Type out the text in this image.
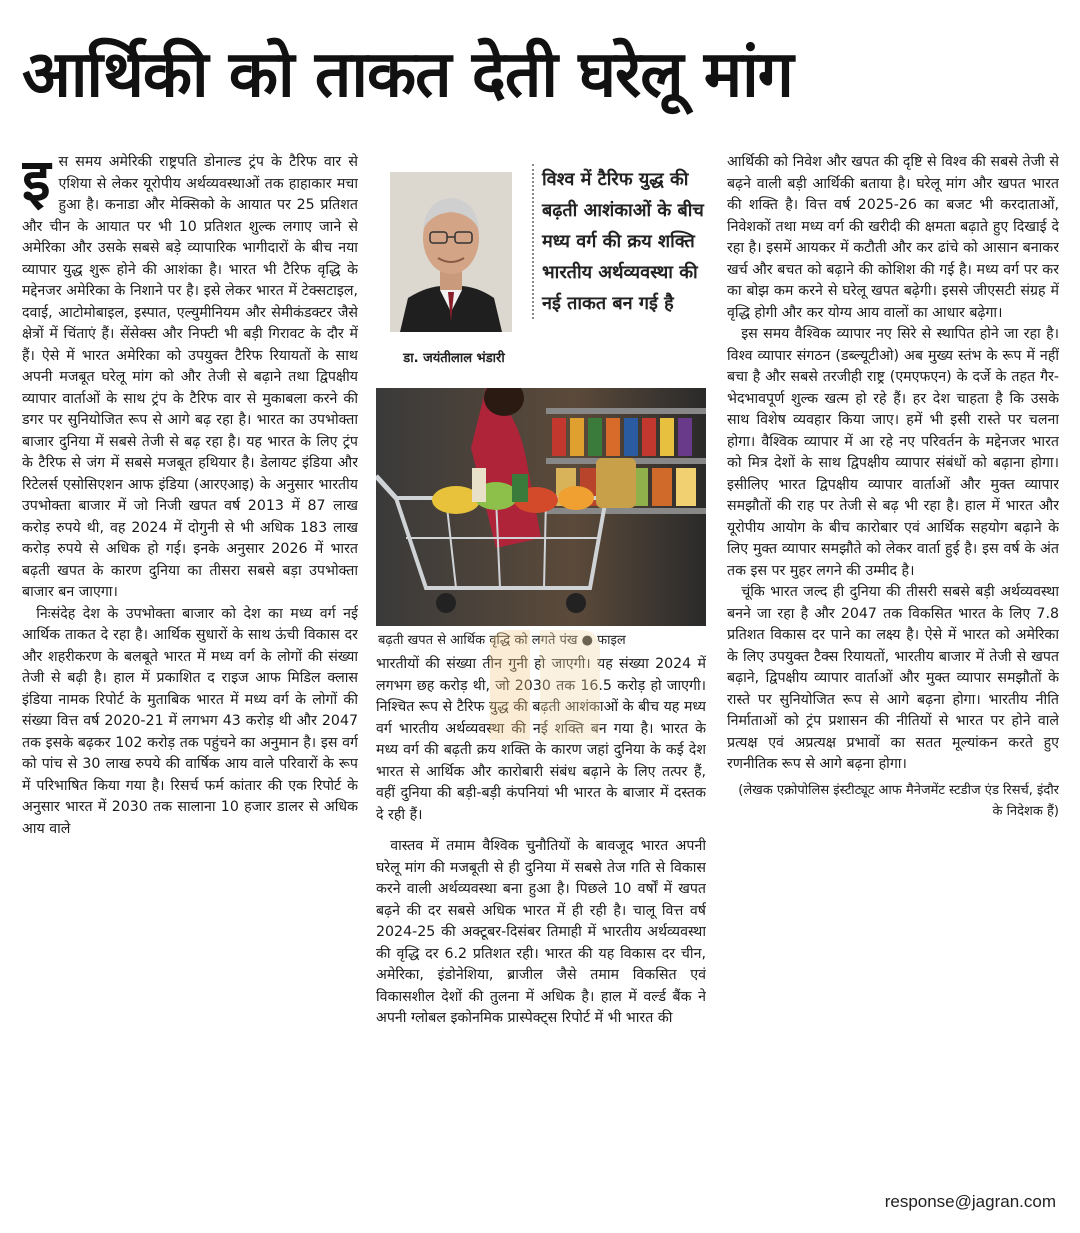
आर्थिकी को ताकत देती घरेलू मांग

इस समय अमेरिकी राष्ट्रपति डोनाल्ड ट्रंप के टैरिफ वार से एशिया से लेकर यूरोपीय अर्थव्यवस्थाओं तक हाहाकार मचा हुआ है। कनाडा और मेक्सिको के आयात पर 25 प्रतिशत और चीन के आयात पर भी 10 प्रतिशत शुल्क लगाए जाने से अमेरिका और उसके सबसे बड़े व्यापारिक भागीदारों के बीच नया व्यापार युद्ध शुरू होने की आशंका है। भारत भी टैरिफ वृद्धि के मद्देनजर अमेरिका के निशाने पर है। इसे लेकर भारत में टेक्सटाइल, दवाई, आटोमोबाइल, इस्पात, एल्युमीनियम और सेमीकंडक्टर जैसे क्षेत्रों में चिंताएं हैं। सेंसेक्स और निफ्टी भी बड़ी गिरावट के दौर में हैं। ऐसे में भारत अमेरिका को उपयुक्त टैरिफ रियायतों के साथ अपनी मजबूत घरेलू मांग को और तेजी से बढ़ाने तथा द्विपक्षीय व्यापार वार्ताओं के साथ ट्रंप के टैरिफ वार से मुकाबला करने की डगर पर सुनियोजित रूप से आगे बढ़ रहा है। भारत का उपभोक्ता बाजार दुनिया में सबसे तेजी से बढ़ रहा है। यह भारत के लिए ट्रंप के टैरिफ से जंग में सबसे मजबूत हथियार है। डेलायट इंडिया और रिटेलर्स एसोसिएशन आफ इंडिया (आरएआइ) के अनुसार भारतीय उपभोक्ता बाजार में जो निजी खपत वर्ष 2013 में 87 लाख करोड़ रुपये थी, वह 2024 में दोगुनी से भी अधिक 183 लाख करोड़ रुपये से अधिक हो गई। इनके अनुसार 2026 में भारत बढ़ती खपत के कारण दुनिया का तीसरा सबसे बड़ा उपभोक्ता बाजार बन जाएगा।

निःसंदेह देश के उपभोक्ता बाजार को देश का मध्य वर्ग नई आर्थिक ताकत दे रहा है। आर्थिक सुधारों के साथ ऊंची विकास दर और शहरीकरण के बलबूते भारत में मध्य वर्ग के लोगों की संख्या तेजी से बढ़ी है। हाल में प्रकाशित द राइज आफ मिडिल क्लास इंडिया नामक रिपोर्ट के मुताबिक भारत में मध्य वर्ग के लोगों की संख्या वित्त वर्ष 2020-21 में लगभग 43 करोड़ थी और 2047 तक इसके बढ़कर 102 करोड़ तक पहुंचने का अनुमान है। इस वर्ग को पांच से 30 लाख रुपये की वार्षिक आय वाले परिवारों के रूप में परिभाषित किया गया है। रिसर्च फर्म कांतार की एक रिपोर्ट के अनुसार भारत में 2030 तक सालाना 10 हजार डालर से अधिक आय वाले

डा. जयंतीलाल भंडारी
विश्व में टैरिफ युद्ध की बढ़ती आशंकाओं के बीच मध्य वर्ग की क्रय शक्ति भारतीय अर्थव्यवस्था की नई ताकत बन गई है
बढ़ती खपत से आर्थिक वृद्धि को लगते पंख ● फाइल

भारतीयों की संख्या तीन गुनी हो जाएगी। यह संख्या 2024 में लगभग छह करोड़ थी, जो 2030 तक 16.5 करोड़ हो जाएगी। निश्चित रूप से टैरिफ युद्ध की बढ़ती आशंकाओं के बीच यह मध्य वर्ग भारतीय अर्थव्यवस्था की नई शक्ति बन गया है। भारत के मध्य वर्ग की बढ़ती क्रय शक्ति के कारण जहां दुनिया के कई देश भारत से आर्थिक और कारोबारी संबंध बढ़ाने के लिए तत्पर हैं, वहीं दुनिया की बड़ी-बड़ी कंपनियां भी भारत के बाजार में दस्तक दे रही हैं।

वास्तव में तमाम वैश्विक चुनौतियों के बावजूद भारत अपनी घरेलू मांग की मजबूती से ही दुनिया में सबसे तेज गति से विकास करने वाली अर्थव्यवस्था बना हुआ है। पिछले 10 वर्षों में खपत बढ़ने की दर सबसे अधिक भारत में ही रही है। चालू वित्त वर्ष 2024-25 की अक्टूबर-दिसंबर तिमाही में भारतीय अर्थव्यवस्था की वृद्धि दर 6.2 प्रतिशत रही। भारत की यह विकास दर चीन, अमेरिका, इंडोनेशिया, ब्राजील जैसे तमाम विकसित एवं विकासशील देशों की तुलना में अधिक है। हाल में वर्ल्ड बैंक ने अपनी ग्लोबल इकोनमिक प्रास्पेक्ट्स रिपोर्ट में भी भारत की

आर्थिकी को निवेश और खपत की दृष्टि से विश्व की सबसे तेजी से बढ़ने वाली बड़ी आर्थिकी बताया है। घरेलू मांग और खपत भारत की शक्ति है। वित्त वर्ष 2025-26 का बजट भी करदाताओं, निवेशकों तथा मध्य वर्ग की खरीदी की क्षमता बढ़ाते हुए दिखाई दे रहा है। इसमें आयकर में कटौती और कर ढांचे को आसान बनाकर खर्च और बचत को बढ़ाने की कोशिश की गई है। मध्य वर्ग पर कर का बोझ कम करने से घरेलू खपत बढ़ेगी। इससे जीएसटी संग्रह में वृद्धि होगी और कर योग्य आय वालों का आधार बढ़ेगा।

इस समय वैश्विक व्यापार नए सिरे से स्थापित होने जा रहा है। विश्व व्यापार संगठन (डब्ल्यूटीओ) अब मुख्य स्तंभ के रूप में नहीं बचा है और सबसे तरजीही राष्ट्र (एमएफएन) के दर्जे के तहत गैर-भेदभावपूर्ण शुल्क खत्म हो रहे हैं। हर देश चाहता है कि उसके साथ विशेष व्यवहार किया जाए। हमें भी इसी रास्ते पर चलना होगा। वैश्विक व्यापार में आ रहे नए परिवर्तन के मद्देनजर भारत को मित्र देशों के साथ द्विपक्षीय व्यापार संबंधों को बढ़ाना होगा। इसीलिए भारत द्विपक्षीय व्यापार वार्ताओं और मुक्त व्यापार समझौतों की राह पर तेजी से बढ़ भी रहा है। हाल में भारत और यूरोपीय आयोग के बीच कारोबार एवं आर्थिक सहयोग बढ़ाने के लिए मुक्त व्यापार समझौते को लेकर वार्ता हुई है। इस वर्ष के अंत तक इस पर मुहर लगने की उम्मीद है।

चूंकि भारत जल्द ही दुनिया की तीसरी सबसे बड़ी अर्थव्यवस्था बनने जा रहा है और 2047 तक विकसित भारत के लिए 7.8 प्रतिशत विकास दर पाने का लक्ष्य है। ऐसे में भारत को अमेरिका के लिए उपयुक्त टैक्स रियायतों, भारतीय बाजार में तेजी से खपत बढ़ाने, द्विपक्षीय व्यापार वार्ताओं और मुक्त व्यापार समझौतों के रास्ते पर सुनियोजित रूप से आगे बढ़ना होगा। भारतीय नीति निर्माताओं को ट्रंप प्रशासन की नीतियों से भारत पर होने वाले प्रत्यक्ष एवं अप्रत्यक्ष प्रभावों का सतत मूल्यांकन करते हुए रणनीतिक रूप से आगे बढ़ना होगा।

(लेखक एक्रोपोलिस इंस्टीट्यूट आफ मैनेजमेंट स्टडीज एंड रिसर्च, इंदौर के निदेशक हैं)

response@jagran.com
